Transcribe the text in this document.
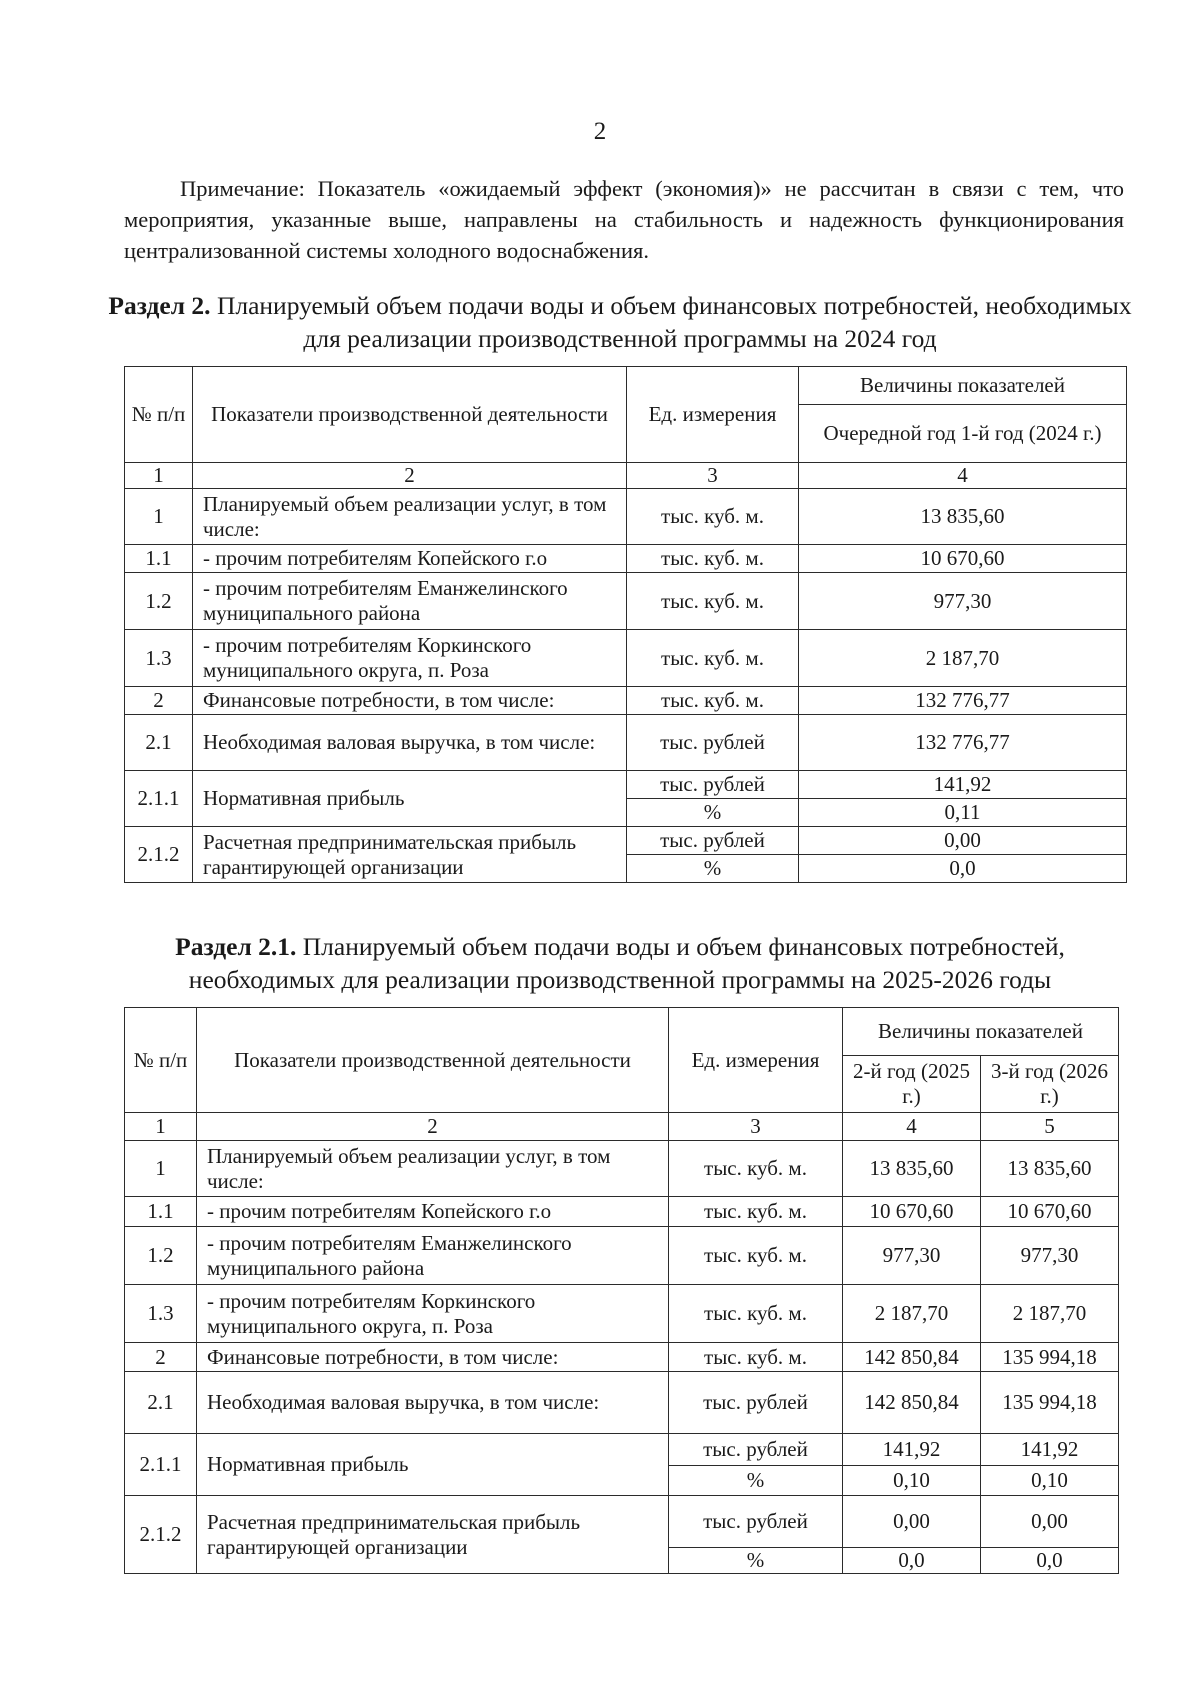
2
Примечание: Показатель «ожидаемый эффект (экономия)» не рассчитан в связи с тем, что мероприятия, указанные выше, направлены на стабильность и надежность функционирования централизованной системы холодного водоснабжения.
Раздел 2. Планируемый объем подачи воды и объем финансовых потребностей, необходимых для реализации производственной программы на 2024 год
№ п/п	Показатели производственной деятельности	Ед. измерения	Величины показателей
			Очередной год 1-й год (2024 г.)
1	2	3	4
1	Планируемый объем реализации услуг, в том числе:	тыс. куб. м.	13 835,60
1.1	- прочим потребителям Копейского г.о	тыс. куб. м.	10 670,60
1.2	- прочим потребителям Еманжелинского муниципального района	тыс. куб. м.	977,30
1.3	- прочим потребителям Коркинского муниципального округа, п. Роза	тыс. куб. м.	2 187,70
2	Финансовые потребности, в том числе:	тыс. куб. м.	132 776,77
2.1	Необходимая валовая выручка, в том числе:	тыс. рублей	132 776,77
2.1.1	Нормативная прибыль	тыс. рублей	141,92
		%	0,11
2.1.2	Расчетная предпринимательская прибыль гарантирующей организации	тыс. рублей	0,00
		%	0,0
Раздел 2.1. Планируемый объем подачи воды и объем финансовых потребностей, необходимых для реализации производственной программы на 2025-2026 годы
№ п/п	Показатели производственной деятельности	Ед. измерения	Величины показателей	
			2-й год (2025 г.)	3-й год (2026 г.)
1	2	3	4	5
1	Планируемый объем реализации услуг, в том числе:	тыс. куб. м.	13 835,60	13 835,60
1.1	- прочим потребителям Копейского г.о	тыс. куб. м.	10 670,60	10 670,60
1.2	- прочим потребителям Еманжелинского муниципального района	тыс. куб. м.	977,30	977,30
1.3	- прочим потребителям Коркинского муниципального округа, п. Роза	тыс. куб. м.	2 187,70	2 187,70
2	Финансовые потребности, в том числе:	тыс. куб. м.	142 850,84	135 994,18
2.1	Необходимая валовая выручка, в том числе:	тыс. рублей	142 850,84	135 994,18
2.1.1	Нормативная прибыль	тыс. рублей	141,92	141,92
		%	0,10	0,10
2.1.2	Расчетная предпринимательская прибыль гарантирующей организации	тыс. рублей	0,00	0,00
		%	0,0	0,0
